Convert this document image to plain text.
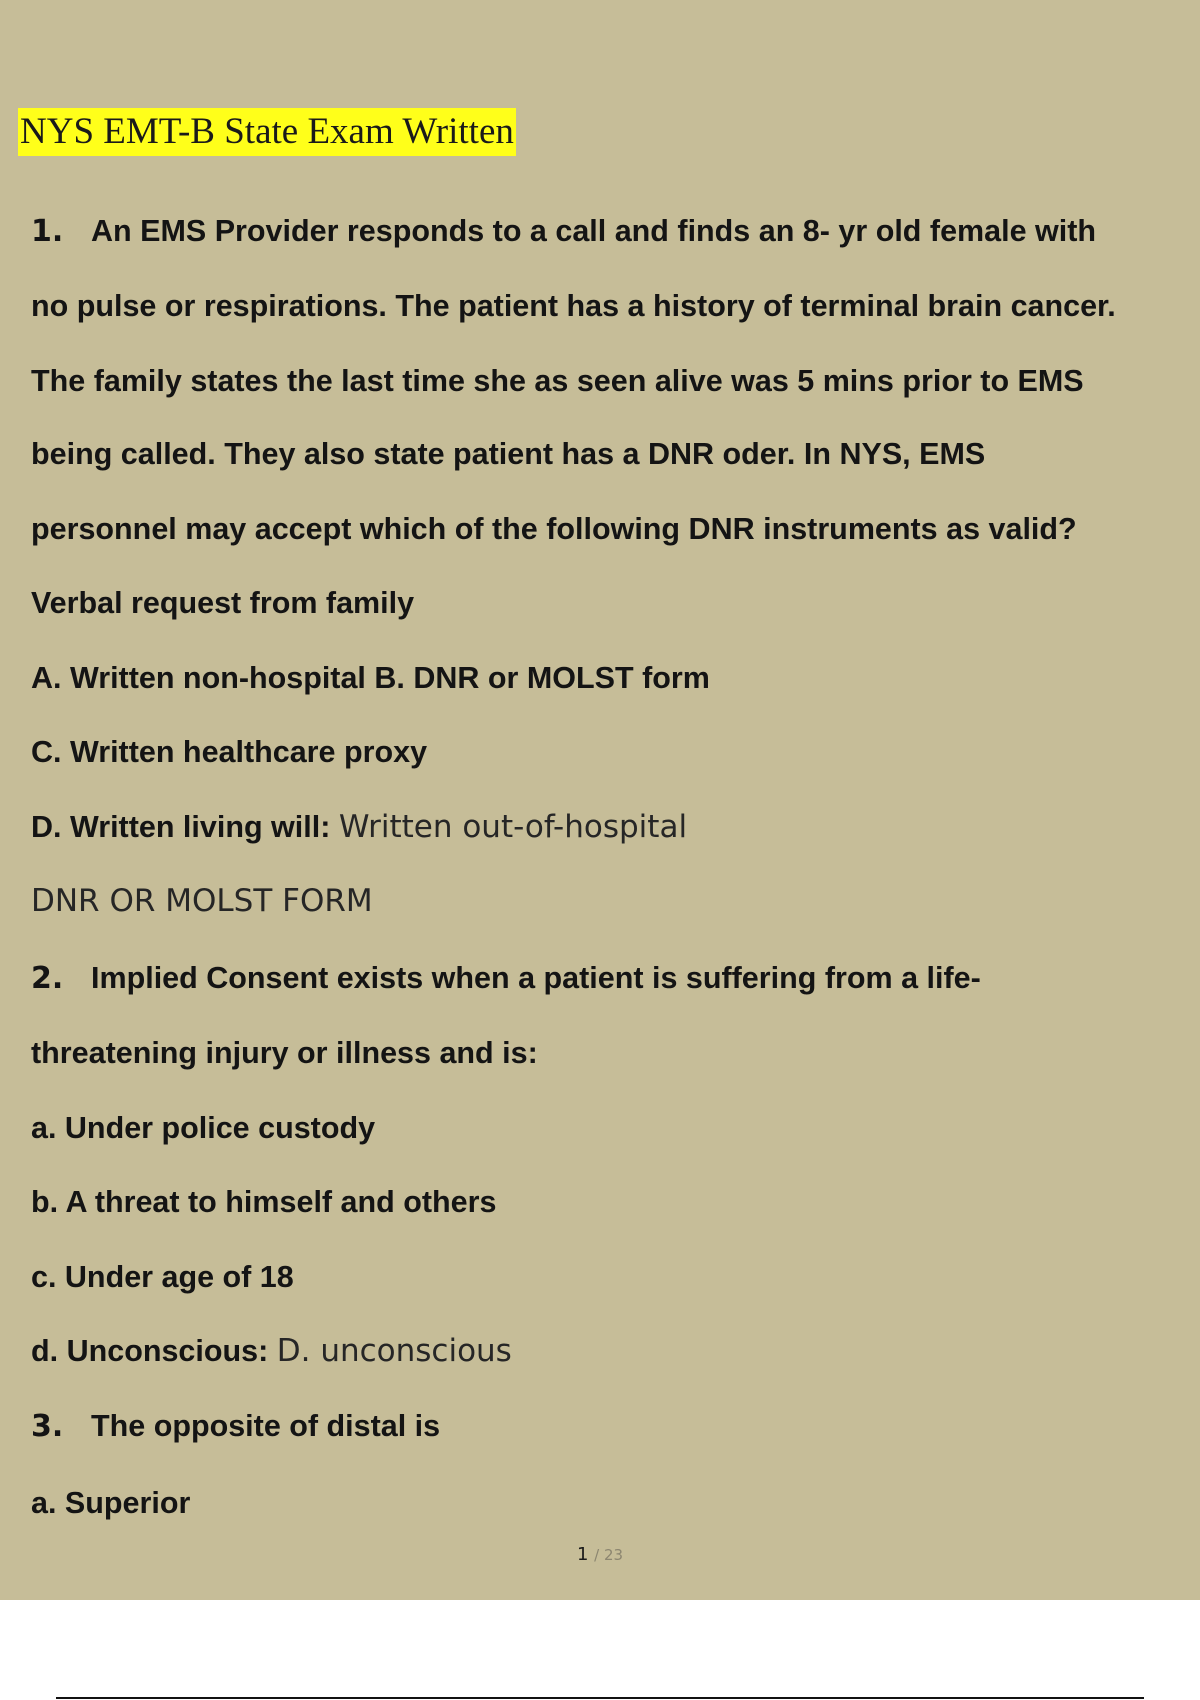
NYS EMT-B State Exam Written
1. An EMS Provider responds to a call and finds an 8- yr old female with
no pulse or respirations. The patient has a history of terminal brain cancer.
The family states the last time she as seen alive was 5 mins prior to EMS
being called. They also state patient has a DNR oder. In NYS, EMS
personnel may accept which of the following DNR instruments as valid?
Verbal request from family
A. Written non-hospital B. DNR or MOLST form
C. Written healthcare proxy
D. Written living will: Written out-of-hospital
DNR OR MOLST FORM
2. Implied Consent exists when a patient is suffering from a life-
threatening injury or illness and is:
a. Under police custody
b. A threat to himself and others
c. Under age of 18
d. Unconscious: D. unconscious
3. The opposite of distal is
a. Superior
1 / 23
